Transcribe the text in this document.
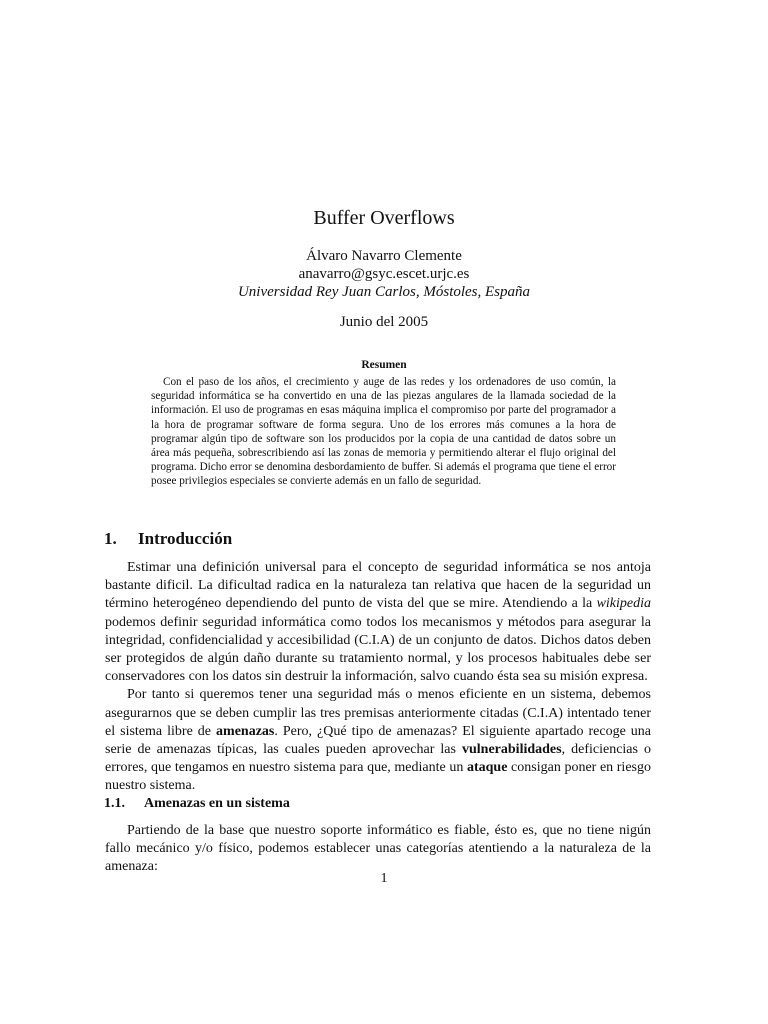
Buffer Overflows
Álvaro Navarro Clemente
anavarro@gsyc.escet.urjc.es
Universidad Rey Juan Carlos, Móstoles, España
Junio del 2005
Resumen

Con el paso de los años, el crecimiento y auge de las redes y los ordenadores de uso común, la seguridad informática se ha convertido en una de las piezas angulares de la llamada sociedad de la información. El uso de programas en esas máquina implica el compromiso por parte del programador a la hora de programar software de forma segura. Uno de los errores más comunes a la hora de programar algún tipo de software son los producidos por la copia de una cantidad de datos sobre un área más pequeña, sobrescribiendo así las zonas de memoria y permitiendo alterar el flujo original del programa. Dicho error se denomina desbordamiento de buffer. Si además el programa que tiene el error posee privilegios especiales se convierte además en un fallo de seguridad.

1. Introducción

Estimar una definición universal para el concepto de seguridad informática se nos antoja bastante dificil. La dificultad radica en la naturaleza tan relativa que hacen de la seguridad un término heterogéneo dependiendo del punto de vista del que se mire. Atendiendo a la wikipedia podemos definir seguridad informática como todos los mecanismos y métodos para asegurar la integridad, confidencialidad y accesibilidad (C.I.A) de un conjunto de datos. Dichos datos deben ser protegidos de algún daño durante su tratamiento normal, y los procesos habituales debe ser conservadores con los datos sin destruir la información, salvo cuando ésta sea su misión expresa.

Por tanto si queremos tener una seguridad más o menos eficiente en un sistema, debemos asegurarnos que se deben cumplir las tres premisas anteriormente citadas (C.I.A) intentado tener el sistema libre de amenazas. Pero, ¿Qué tipo de amenazas? El siguiente apartado recoge una serie de amenazas típicas, las cuales pueden aprovechar las vulnerabilidades, deficiencias o errores, que tengamos en nuestro sistema para que, mediante un ataque consigan poner en riesgo nuestro sistema.

1.1. Amenazas en un sistema

Partiendo de la base que nuestro soporte informático es fiable, ésto es, que no tiene nigún fallo mecánico y/o físico, podemos establecer unas categorías atentiendo a la naturaleza de la amenaza:

1
